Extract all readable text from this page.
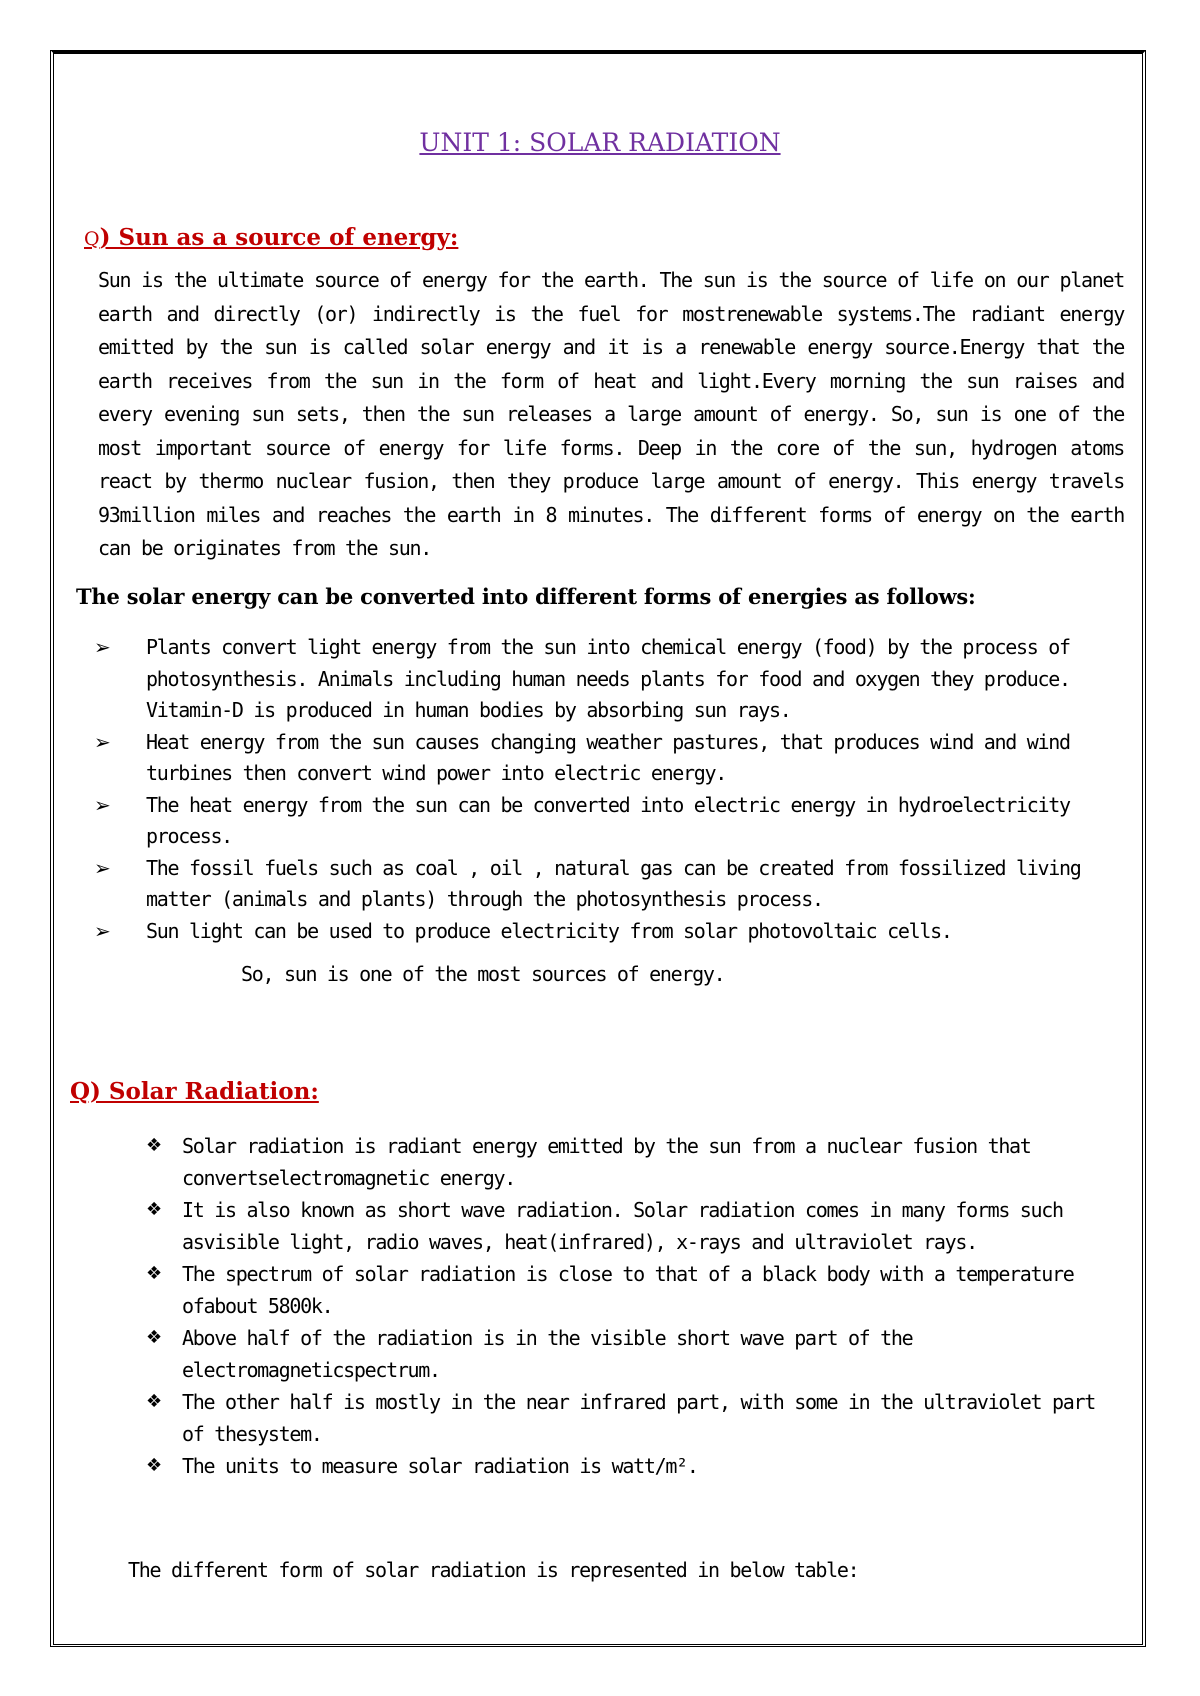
UNIT 1: SOLAR RADIATION
Q) Sun as a source of energy:

Sun is the ultimate source of energy for the earth. The sun is the source of life on our planet earth and directly (or) indirectly is the fuel for mostrenewable systems.The radiant energy emitted by the sun is called solar energy and it is a renewable energy source.Energy that the earth receives from the sun in the form of heat and light.Every morning the sun raises and every evening sun sets, then the sun releases a large amount of energy. So, sun is one of the most important source of energy for life forms. Deep in the core of the sun, hydrogen atoms react by thermo nuclear fusion, then they produce large amount of energy. This energy travels 93million miles and reaches the earth in 8 minutes. The different forms of energy on the earth can be originates from the sun.

The solar energy can be converted into different forms of energies as follows:

➢ Plants convert light energy from the sun into chemical energy (food) by the process of photosynthesis. Animals including human needs plants for food and oxygen they produce. Vitamin-D is produced in human bodies by absorbing sun rays.
➢ Heat energy from the sun causes changing weather pastures, that produces wind and wind turbines then convert wind power into electric energy.
➢ The heat energy from the sun can be converted into electric energy in hydroelectricity process.
➢ The fossil fuels such as coal , oil , natural gas can be created from fossilized living matter (animals and plants) through the photosynthesis process.
➢ Sun light can be used to produce electricity from solar photovoltaic cells.

So, sun is one of the most sources of energy.

Q) Solar Radiation:
❖ Solar radiation is radiant energy emitted by the sun from a nuclear fusion that convertselectromagnetic energy.
❖ It is also known as short wave radiation. Solar radiation comes in many forms such asvisible light, radio waves, heat(infrared), x-rays and ultraviolet rays.
❖ The spectrum of solar radiation is close to that of a black body with a temperature ofabout 5800k.
❖ Above half of the radiation is in the visible short wave part of the electromagneticspectrum.
❖ The other half is mostly in the near infrared part, with some in the ultraviolet part of thesystem.
❖ The units to measure solar radiation is watt/m².

The different form of solar radiation is represented in below table:
